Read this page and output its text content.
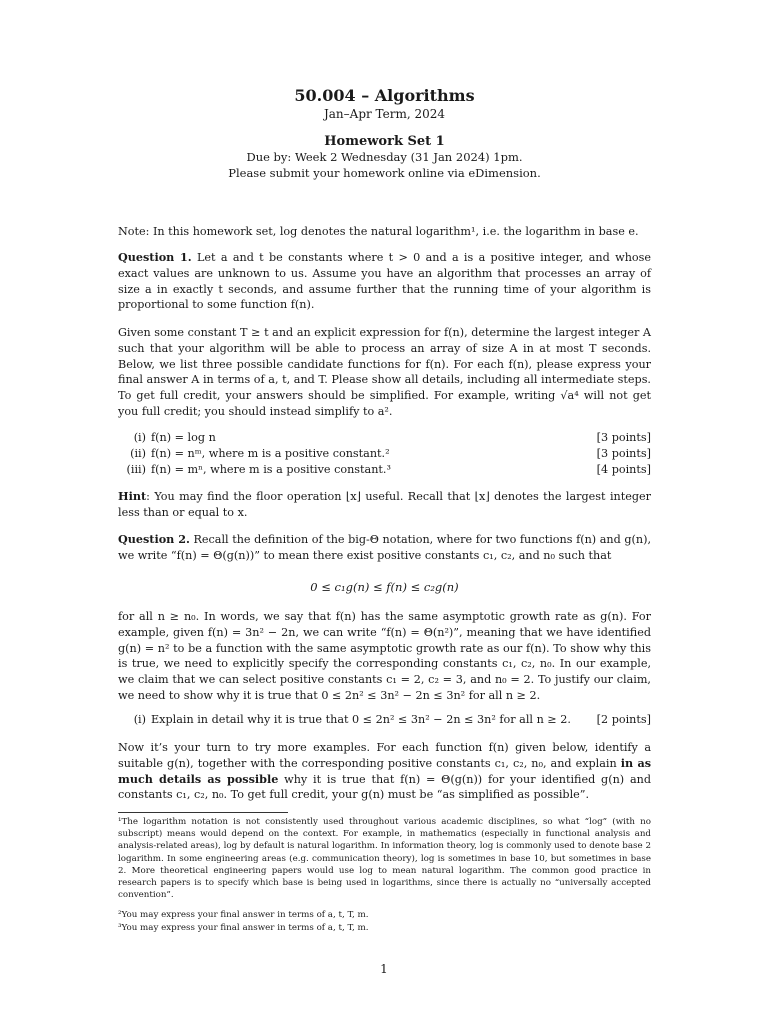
50.004 – Algorithms
Jan–Apr Term, 2024
Homework Set 1
Due by: Week 2 Wednesday (31 Jan 2024) 1pm.
Please submit your homework online via eDimension.
Note: In this homework set, log denotes the natural logarithm¹, i.e. the logarithm in base e.
Question 1. Let a and t be constants where t > 0 and a is a positive integer, and whose exact values are unknown to us. Assume you have an algorithm that processes an array of size a in exactly t seconds, and assume further that the running time of your algorithm is proportional to some function f(n).
Given some constant T ≥ t and an explicit expression for f(n), determine the largest integer A such that your algorithm will be able to process an array of size A in at most T seconds. Below, we list three possible candidate functions for f(n). For each f(n), please express your final answer A in terms of a, t, and T. Please show all details, including all intermediate steps. To get full credit, your answers should be simplified. For example, writing √a⁴ will not get you full credit; you should instead simplify to a².
(i) f(n) = log n	[3 points]
(ii) f(n) = nᵐ, where m is a positive constant.²	[3 points]
(iii) f(n) = mⁿ, where m is a positive constant.³	[4 points]
Hint: You may find the floor operation ⌊x⌋ useful. Recall that ⌊x⌋ denotes the largest integer less than or equal to x.
Question 2. Recall the definition of the big-Θ notation, where for two functions f(n) and g(n), we write “f(n) = Θ(g(n))” to mean there exist positive constants c₁, c₂, and n₀ such that
0 ≤ c₁g(n) ≤ f(n) ≤ c₂g(n)
for all n ≥ n₀. In words, we say that f(n) has the same asymptotic growth rate as g(n). For example, given f(n) = 3n² − 2n, we can write “f(n) = Θ(n²)”, meaning that we have identified g(n) = n² to be a function with the same asymptotic growth rate as our f(n). To show why this is true, we need to explicitly specify the corresponding constants c₁, c₂, n₀. In our example, we claim that we can select positive constants c₁ = 2, c₂ = 3, and n₀ = 2. To justify our claim, we need to show why it is true that 0 ≤ 2n² ≤ 3n² − 2n ≤ 3n² for all n ≥ 2.
(i) Explain in detail why it is true that 0 ≤ 2n² ≤ 3n² − 2n ≤ 3n² for all n ≥ 2. [2 points]
Now it’s your turn to try more examples. For each function f(n) given below, identify a suitable g(n), together with the corresponding positive constants c₁, c₂, n₀, and explain in as much details as possible why it is true that f(n) = Θ(g(n)) for your identified g(n) and constants c₁, c₂, n₀. To get full credit, your g(n) must be “as simplified as possible”.
¹The logarithm notation is not consistently used throughout various academic disciplines, so what “log” (with no subscript) means would depend on the context. For example, in mathematics (especially in functional analysis and analysis-related areas), log by default is natural logarithm. In information theory, log is commonly used to denote base 2 logarithm. In some engineering areas (e.g. communication theory), log is sometimes in base 10, but sometimes in base 2. More theoretical engineering papers would use log to mean natural logarithm. The common good practice in research papers is to specify which base is being used in logarithms, since there is actually no “universally accepted convention”.
²You may express your final answer in terms of a, t, T, m.
³You may express your final answer in terms of a, t, T, m.
1
